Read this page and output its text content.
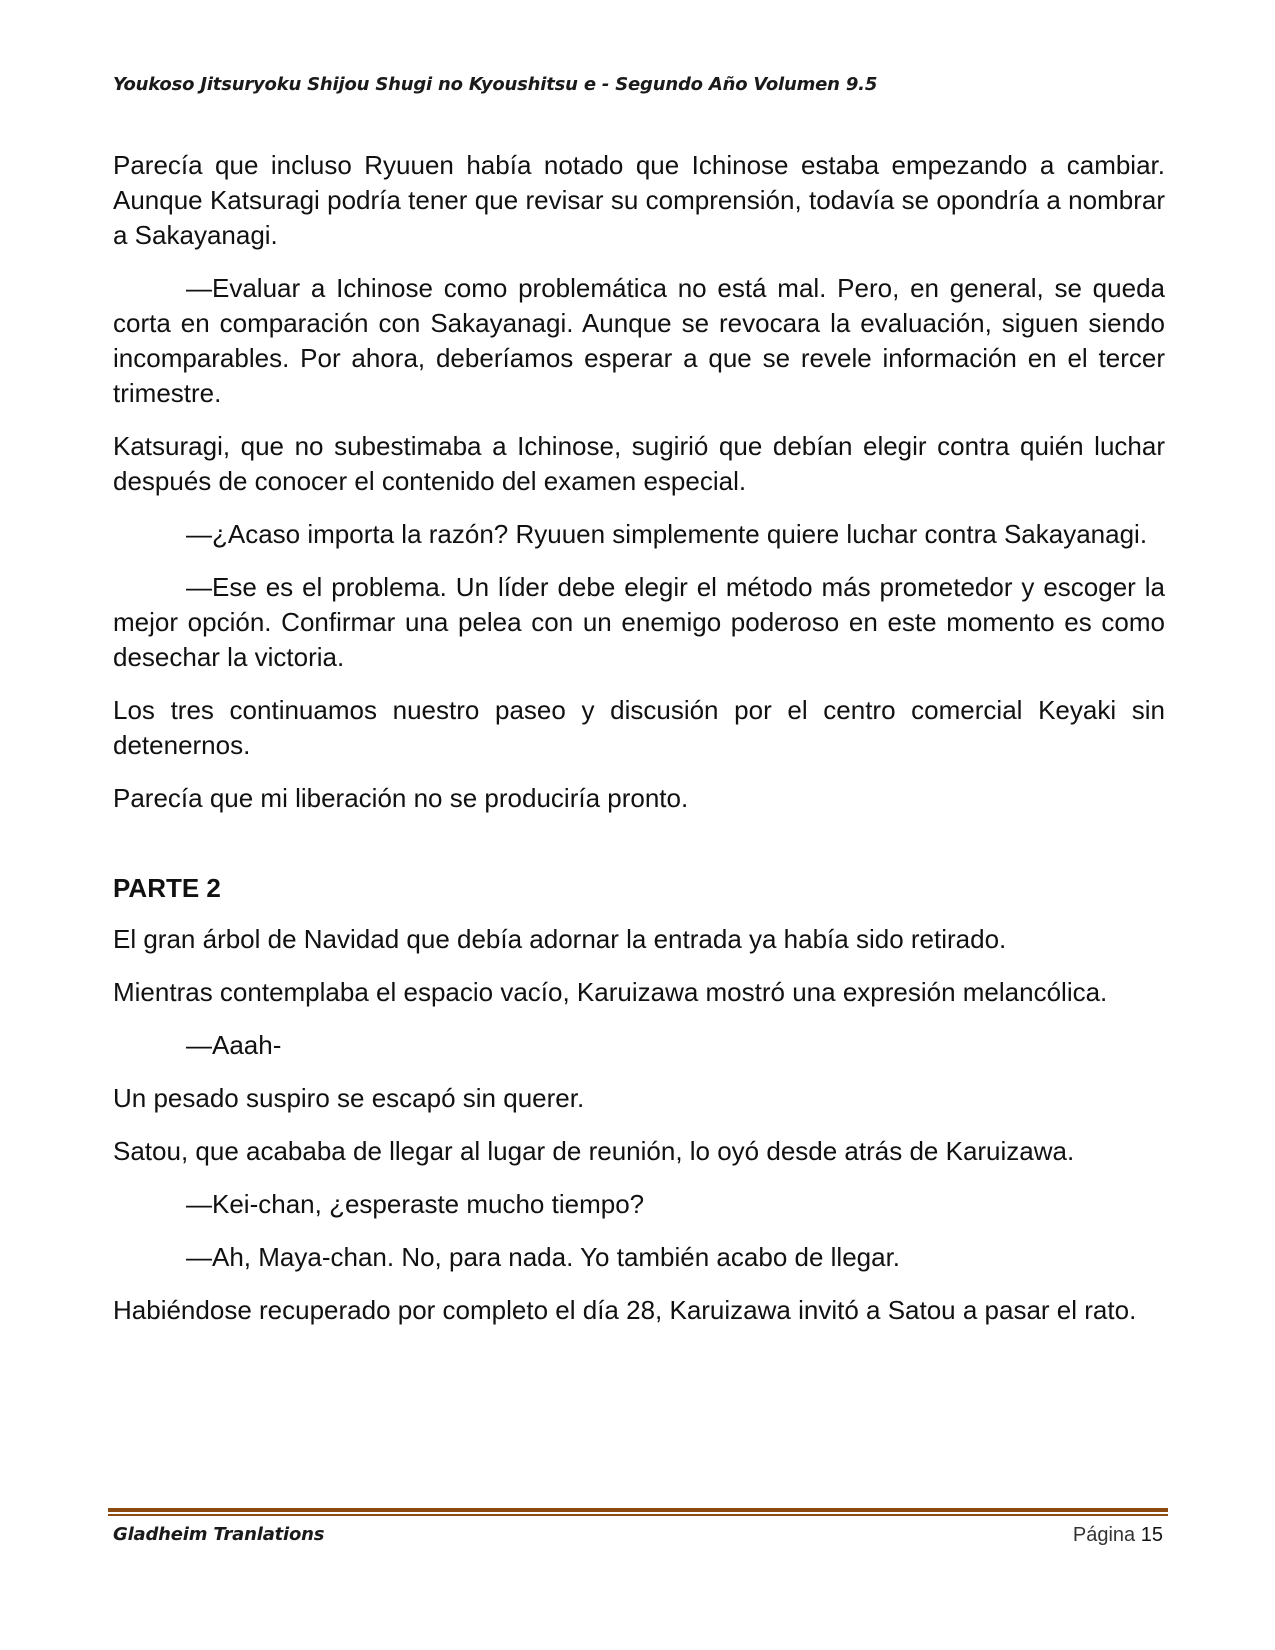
Youkoso Jitsuryoku Shijou Shugi no Kyoushitsu e - Segundo Año Volumen 9.5

Parecía que incluso Ryuuen había notado que Ichinose estaba empezando a cambiar. Aunque Katsuragi podría tener que revisar su comprensión, todavía se opondría a nombrar a Sakayanagi.

—Evaluar a Ichinose como problemática no está mal. Pero, en general, se queda corta en comparación con Sakayanagi. Aunque se revocara la evaluación, siguen siendo incomparables. Por ahora, deberíamos esperar a que se revele información en el tercer trimestre.

Katsuragi, que no subestimaba a Ichinose, sugirió que debían elegir contra quién luchar después de conocer el contenido del examen especial.

—¿Acaso importa la razón? Ryuuen simplemente quiere luchar contra Sakayanagi.

—Ese es el problema. Un líder debe elegir el método más prometedor y escoger la mejor opción. Confirmar una pelea con un enemigo poderoso en este momento es como desechar la victoria.

Los tres continuamos nuestro paseo y discusión por el centro comercial Keyaki sin detenernos.

Parecía que mi liberación no se produciría pronto.

PARTE 2

El gran árbol de Navidad que debía adornar la entrada ya había sido retirado.

Mientras contemplaba el espacio vacío, Karuizawa mostró una expresión melancólica.

—Aaah-

Un pesado suspiro se escapó sin querer.

Satou, que acababa de llegar al lugar de reunión, lo oyó desde atrás de Karuizawa.

—Kei-chan, ¿esperaste mucho tiempo?

—Ah, Maya-chan. No, para nada. Yo también acabo de llegar.

Habiéndose recuperado por completo el día 28, Karuizawa invitó a Satou a pasar el rato.

Gladheim Tranlations	Página 15
